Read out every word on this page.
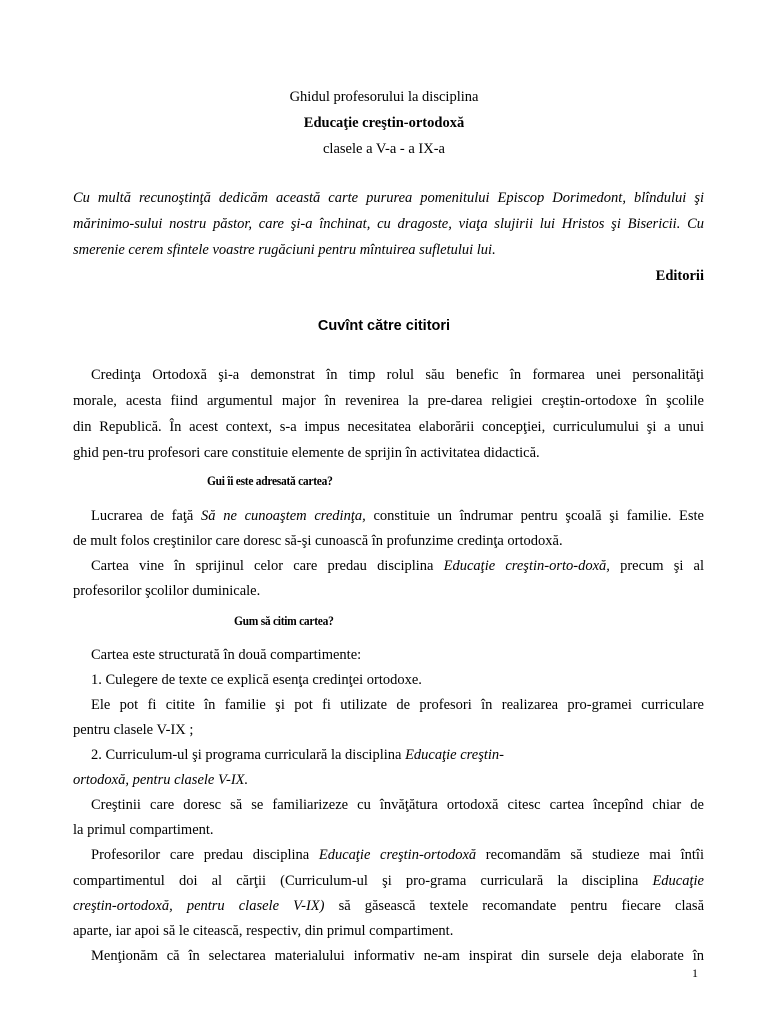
Ghidul profesorului la disciplina
Educaţie creştin-ortodoxă
clasele a V-a - a IX-a
Cu multă recunoştinţă dedicăm această carte pururea pomenitului Episcop Dorimedont, blîndului şi
mărinimo-sului nostru păstor, care şi-a închinat, cu dragoste, viaţa slujirii lui Hristos şi Bisericii. Cu
smerenie cerem sfintele voastre rugăciuni pentru mîntuirea sufletului lui.
Editorii
Cuvînt către cititori
Credinţa Ortodoxă şi-a demonstrat în timp rolul său benefic în formarea unei personalităţi
morale, acesta fiind argumentul major în revenirea la pre-darea religiei creştin-ortodoxe în şcolile
din Republică. În acest context, s-a impus necesitatea elaborării concepţiei, curriculumului şi a unui
ghid pen-tru profesori care constituie elemente de sprijin în activitatea didactică.
Gui îi este adresată cartea?
Lucrarea de faţă Să ne cunoaştem credinţa, constituie un îndrumar pentru şcoală şi familie. Este
de mult folos creştinilor care doresc să-şi cunoască în profunzime credinţa ortodoxă.
Cartea vine în sprijinul celor care predau disciplina Educaţie creştin-orto-doxă, precum şi al
profesorilor şcolilor duminicale.
Gum să citim cartea?
Cartea este structurată în două compartimente:
1. Culegere de texte ce explică esenţa credinţei ortodoxe.
Ele pot fi citite în familie şi pot fi utilizate de profesori în realizarea pro-gramei curriculare
pentru clasele V-IX ;
2. Curriculum-ul şi programa curriculară la disciplina Educaţie creştin-
ortodoxă, pentru clasele V-IX.
Creştinii care doresc să se familiarizeze cu învăţătura ortodoxă citesc cartea începînd chiar de
la primul compartiment.
Profesorilor care predau disciplina Educaţie creştin-ortodoxă recomandăm să studieze mai întîi
compartimentul doi al cărţii (Curriculum-ul şi pro-grama curriculară la disciplina Educaţie
creştin-ortodoxă, pentru clasele V-IX) să găsească textele recomandate pentru fiecare clasă
aparte, iar apoi să le citească, respectiv, din primul compartiment.
Menţionăm că în selectarea materialului informativ ne-am inspirat din sursele deja elaborate în
1
